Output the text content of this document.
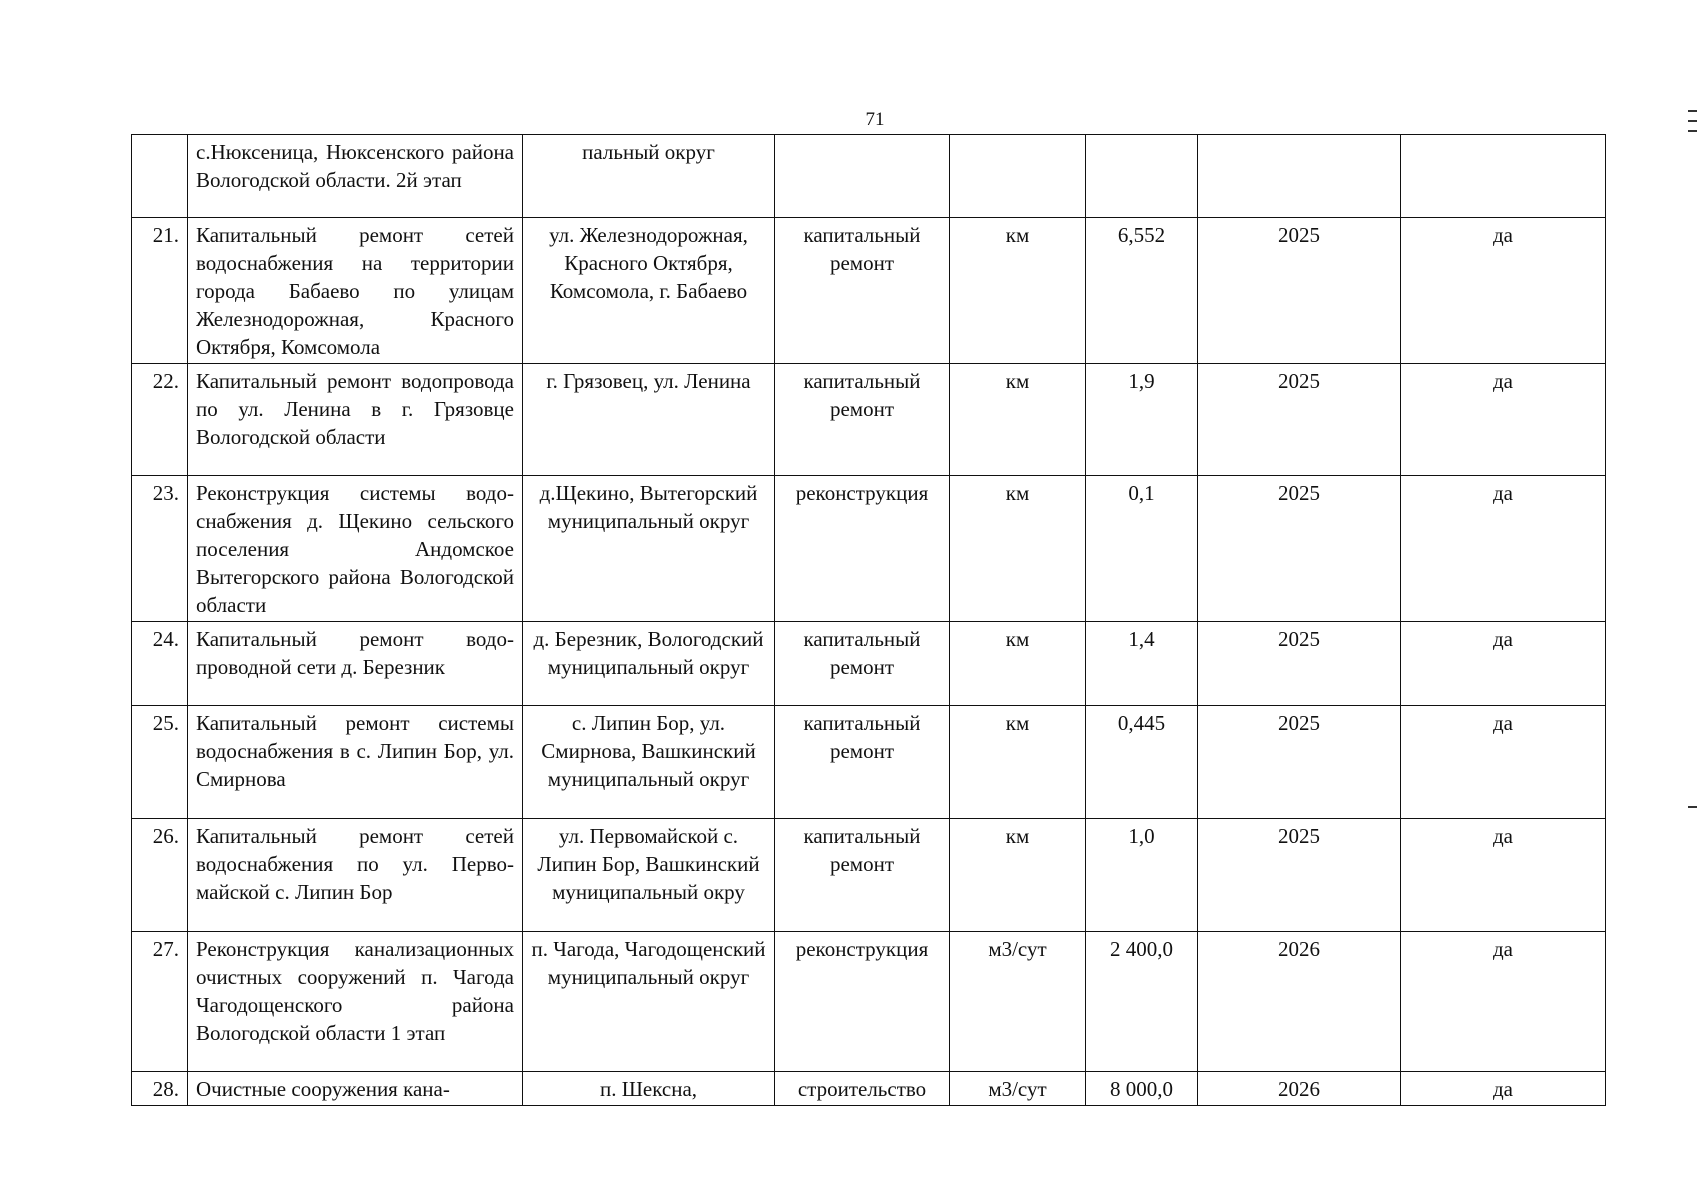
71
	с.Нюксеница, Нюксенского района Вологодской области. 2й этап	пальный округ					
21.	Капитальный ремонт сетей водоснабжения на территории города Бабаево по улицам Железнодорожная, Красного Октября, Комсомола	ул. Железнодорожная, Красного Октября, Комсомола, г. Бабаево	капитальный ремонт	км	6,552	2025	да
22.	Капитальный ремонт водопровода по ул. Ленина в г. Грязовце Вологодской области	г. Грязовец, ул. Ленина	капитальный ремонт	км	1,9	2025	да
23.	Реконструкция системы водоснабжения д. Щекино сельского поселения Андомское Вытегорского района Вологодской области	д.Щекино, Вытегорский муниципальный округ	реконструкция	км	0,1	2025	да
24.	Капитальный ремонт водопроводной сети д. Березник	д. Березник, Вологодский муниципальный округ	капитальный ремонт	км	1,4	2025	да
25.	Капитальный ремонт системы водоснабжения в с. Липин Бор, ул. Смирнова	с. Липин Бор, ул. Смирнова, Вашкинский муниципальный округ	капитальный ремонт	км	0,445	2025	да
26.	Капитальный ремонт сетей водоснабжения по ул. Первомайской с. Липин Бор	ул. Первомайской с. Липин Бор, Вашкинский муниципальный окру	капитальный ремонт	км	1,0	2025	да
27.	Реконструкция канализационных очистных сооружений п. Чагода Чагодощенского района Вологодской области 1 этап	п. Чагода, Чагодощенский муниципальный округ	реконструкция	м3/сут	2 400,0	2026	да
28.	Очистные сооружения кана-	п. Шексна,	строительство	м3/сут	8 000,0	2026	да
